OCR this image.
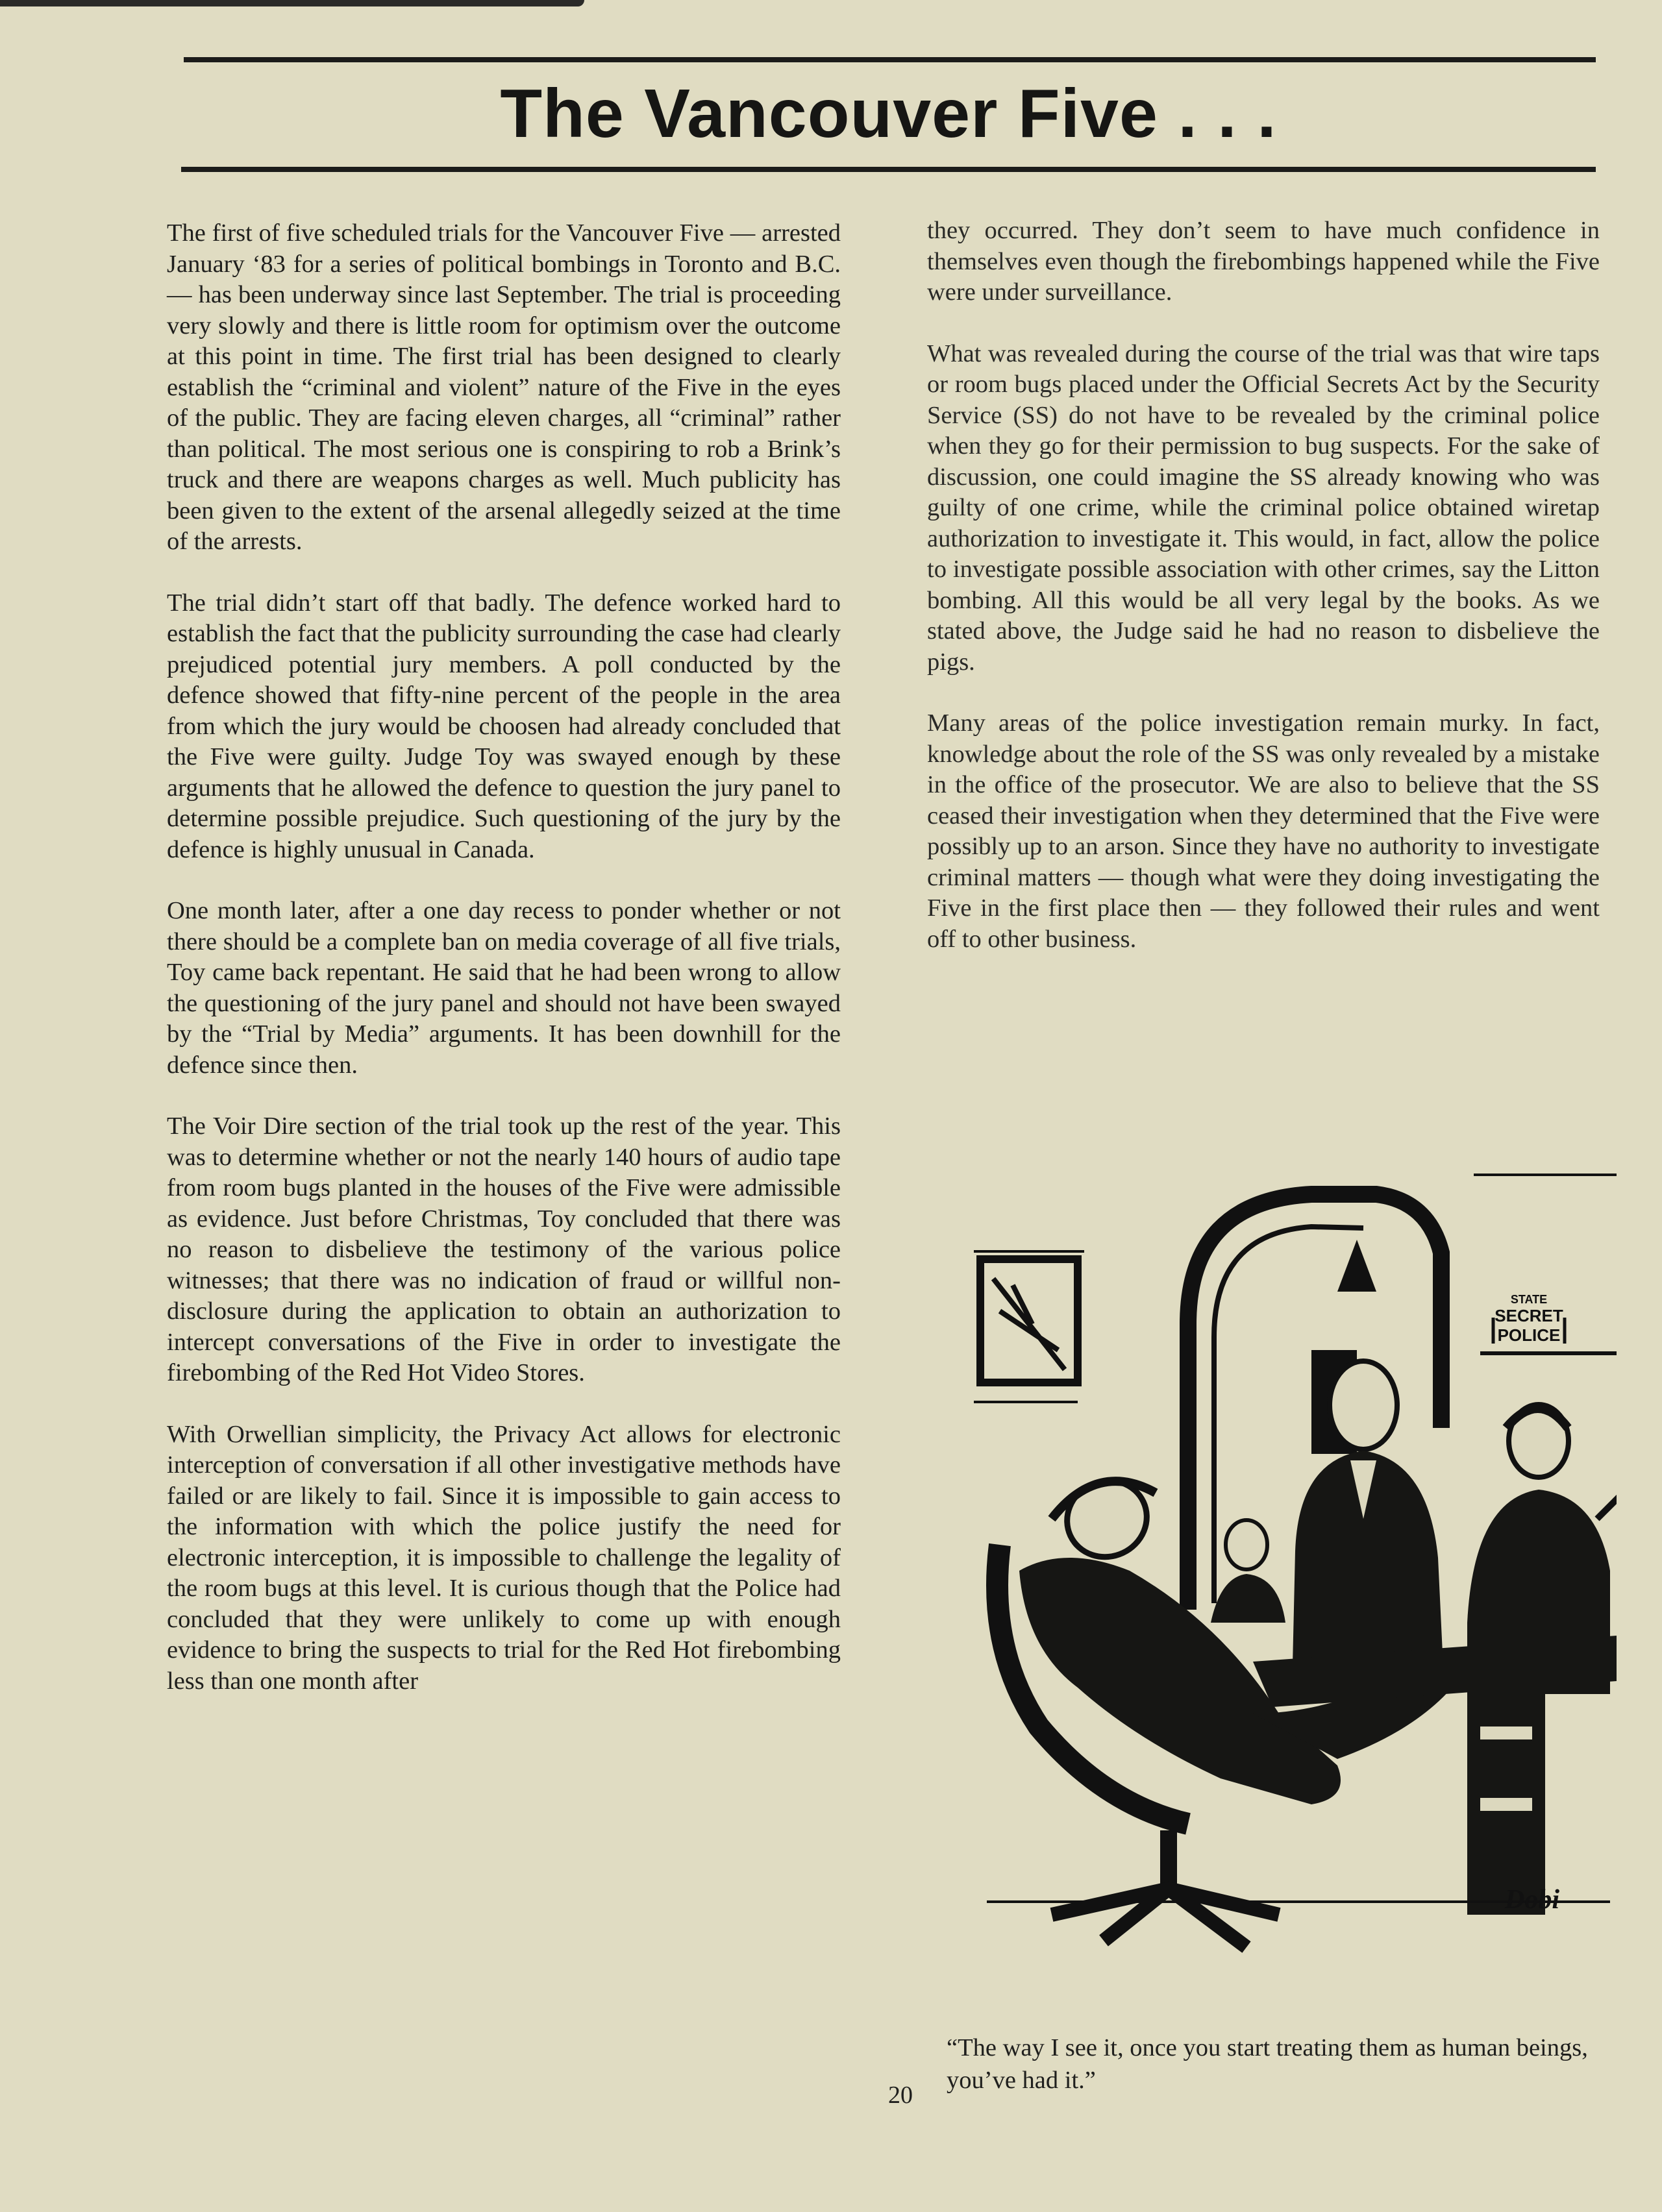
The Vancouver Five . . .

The first of five scheduled trials for the Vancouver Five — arrested January ‘83 for a series of political bombings in Toronto and B.C. — has been underway since last September. The trial is proceeding very slowly and there is little room for optimism over the outcome at this point in time. The first trial has been designed to clearly establish the “criminal and violent” nature of the Five in the eyes of the public. They are facing eleven charges, all “criminal” rather than political. The most serious one is conspiring to rob a Brink’s truck and there are weapons charges as well. Much publicity has been given to the extent of the arsenal allegedly seized at the time of the arrests.

The trial didn’t start off that badly. The defence worked hard to establish the fact that the publicity surrounding the case had clearly prejudiced potential jury members. A poll conducted by the defence showed that fifty-nine percent of the people in the area from which the jury would be choosen had already concluded that the Five were guilty. Judge Toy was swayed enough by these arguments that he allowed the defence to question the jury panel to determine possible prejudice. Such questioning of the jury by the defence is highly unusual in Canada.

One month later, after a one day recess to ponder whether or not there should be a complete ban on media coverage of all five trials, Toy came back repentant. He said that he had been wrong to allow the questioning of the jury panel and should not have been swayed by the “Trial by Media” arguments. It has been downhill for the defence since then.

The Voir Dire section of the trial took up the rest of the year. This was to determine whether or not the nearly 140 hours of audio tape from room bugs planted in the houses of the Five were admissible as evidence. Just before Christmas, Toy concluded that there was no reason to disbelieve the testimony of the various police witnesses; that there was no indication of fraud or willful non-disclosure during the application to obtain an authorization to intercept conversations of the Five in order to investigate the firebombing of the Red Hot Video Stores.

With Orwellian simplicity, the Privacy Act allows for electronic interception of conversation if all other investigative methods have failed or are likely to fail. Since it is impossible to gain access to the information with which the police justify the need for electronic interception, it is impossible to challenge the legality of the room bugs at this level. It is curious though that the Police had concluded that they were unlikely to come up with enough evidence to bring the suspects to trial for the Red Hot firebombing less than one month after

they occurred. They don’t seem to have much confidence in themselves even though the firebombings happened while the Five were under surveillance.

What was revealed during the course of the trial was that wire taps or room bugs placed under the Official Secrets Act by the Security Service (SS) do not have to be revealed by the criminal police when they go for their permission to bug suspects. For the sake of discussion, one could imagine the SS already knowing who was guilty of one crime, while the criminal police obtained wiretap authorization to investigate it. This would, in fact, allow the police to investigate possible association with other crimes, say the Litton bombing. All this would be all very legal by the books. As we stated above, the Judge said he had no reason to disbelieve the pigs.

Many areas of the police investigation remain murky. In fact, knowledge about the role of the SS was only revealed by a mistake in the office of the prosecutor. We are also to believe that the SS ceased their investigation when they determined that the Five were possibly up to an arson. Since they have no authority to investigate criminal matters — though what were they doing investigating the Five in the first place then — they followed their rules and went off to other business.

STATE
SECRET
POLICE
Dobi
“The way I see it, once you start treating them as human beings, you’ve had it.”
20
